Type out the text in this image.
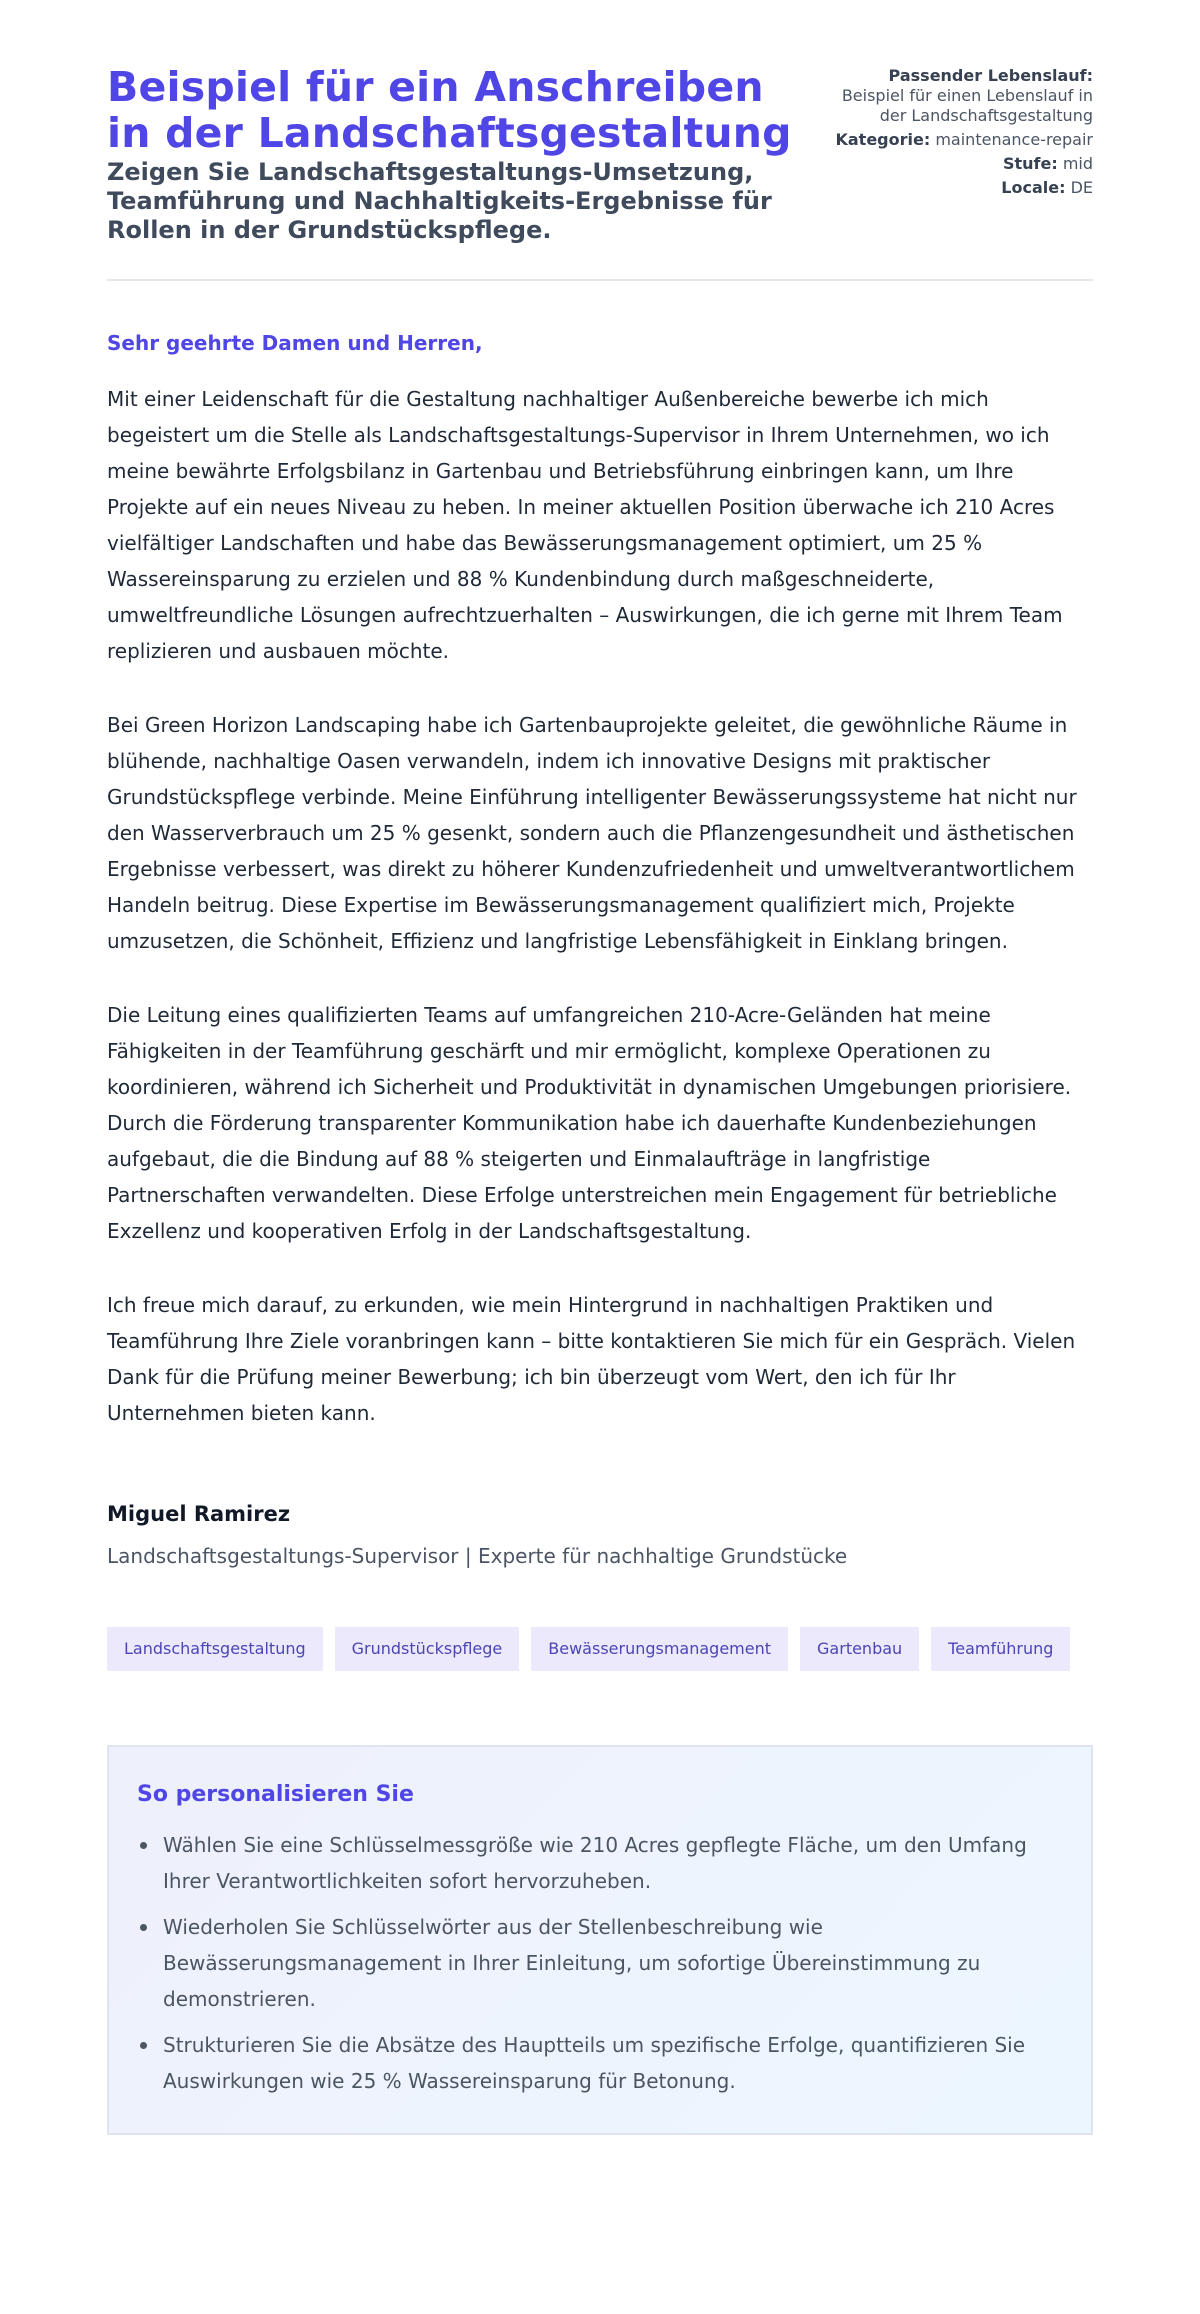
Beispiel für ein Anschreiben in der Landschaftsgestaltung
Zeigen Sie Landschaftsgestaltungs-Umsetzung, Teamführung und Nachhaltigkeits-Ergebnisse für Rollen in der Grundstückspflege.
Passender Lebenslauf:
Beispiel für einen Lebenslauf in der Landschaftsgestaltung
Kategorie: maintenance-repair
Stufe: mid
Locale: DE

Sehr geehrte Damen und Herren,

Mit einer Leidenschaft für die Gestaltung nachhaltiger Außenbereiche bewerbe ich mich begeistert um die Stelle als Landschaftsgestaltungs-Supervisor in Ihrem Unternehmen, wo ich meine bewährte Erfolgsbilanz in Gartenbau und Betriebsführung einbringen kann, um Ihre Projekte auf ein neues Niveau zu heben. In meiner aktuellen Position überwache ich 210 Acres vielfältiger Landschaften und habe das Bewässerungsmanagement optimiert, um 25 % Wassereinsparung zu erzielen und 88 % Kundenbindung durch maßgeschneiderte, umweltfreundliche Lösungen aufrechtzuerhalten – Auswirkungen, die ich gerne mit Ihrem Team replizieren und ausbauen möchte.

Bei Green Horizon Landscaping habe ich Gartenbauprojekte geleitet, die gewöhnliche Räume in blühende, nachhaltige Oasen verwandeln, indem ich innovative Designs mit praktischer Grundstückspflege verbinde. Meine Einführung intelligenter Bewässerungssysteme hat nicht nur den Wasserverbrauch um 25 % gesenkt, sondern auch die Pflanzengesundheit und ästhetischen Ergebnisse verbessert, was direkt zu höherer Kundenzufriedenheit und umweltverantwortlichem Handeln beitrug. Diese Expertise im Bewässerungsmanagement qualifiziert mich, Projekte umzusetzen, die Schönheit, Effizienz und langfristige Lebensfähigkeit in Einklang bringen.

Die Leitung eines qualifizierten Teams auf umfangreichen 210-Acre-Geländen hat meine Fähigkeiten in der Teamführung geschärft und mir ermöglicht, komplexe Operationen zu koordinieren, während ich Sicherheit und Produktivität in dynamischen Umgebungen priorisiere. Durch die Förderung transparenter Kommunikation habe ich dauerhafte Kundenbeziehungen aufgebaut, die die Bindung auf 88 % steigerten und Einmalaufträge in langfristige Partnerschaften verwandelten. Diese Erfolge unterstreichen mein Engagement für betriebliche Exzellenz und kooperativen Erfolg in der Landschaftsgestaltung.

Ich freue mich darauf, zu erkunden, wie mein Hintergrund in nachhaltigen Praktiken und Teamführung Ihre Ziele voranbringen kann – bitte kontaktieren Sie mich für ein Gespräch. Vielen Dank für die Prüfung meiner Bewerbung; ich bin überzeugt vom Wert, den ich für Ihr Unternehmen bieten kann.

Miguel Ramirez
Landschaftsgestaltungs-Supervisor | Experte für nachhaltige Grundstücke
Landschaftsgestaltung	Grundstückspflege	Bewässerungsmanagement	Gartenbau	Teamführung
So personalisieren Sie
Wählen Sie eine Schlüsselmessgröße wie 210 Acres gepflegte Fläche, um den Umfang Ihrer Verantwortlichkeiten sofort hervorzuheben.
Wiederholen Sie Schlüsselwörter aus der Stellenbeschreibung wie Bewässerungsmanagement in Ihrer Einleitung, um sofortige Übereinstimmung zu demonstrieren.
Strukturieren Sie die Absätze des Hauptteils um spezifische Erfolge, quantifizieren Sie Auswirkungen wie 25 % Wassereinsparung für Betonung.
